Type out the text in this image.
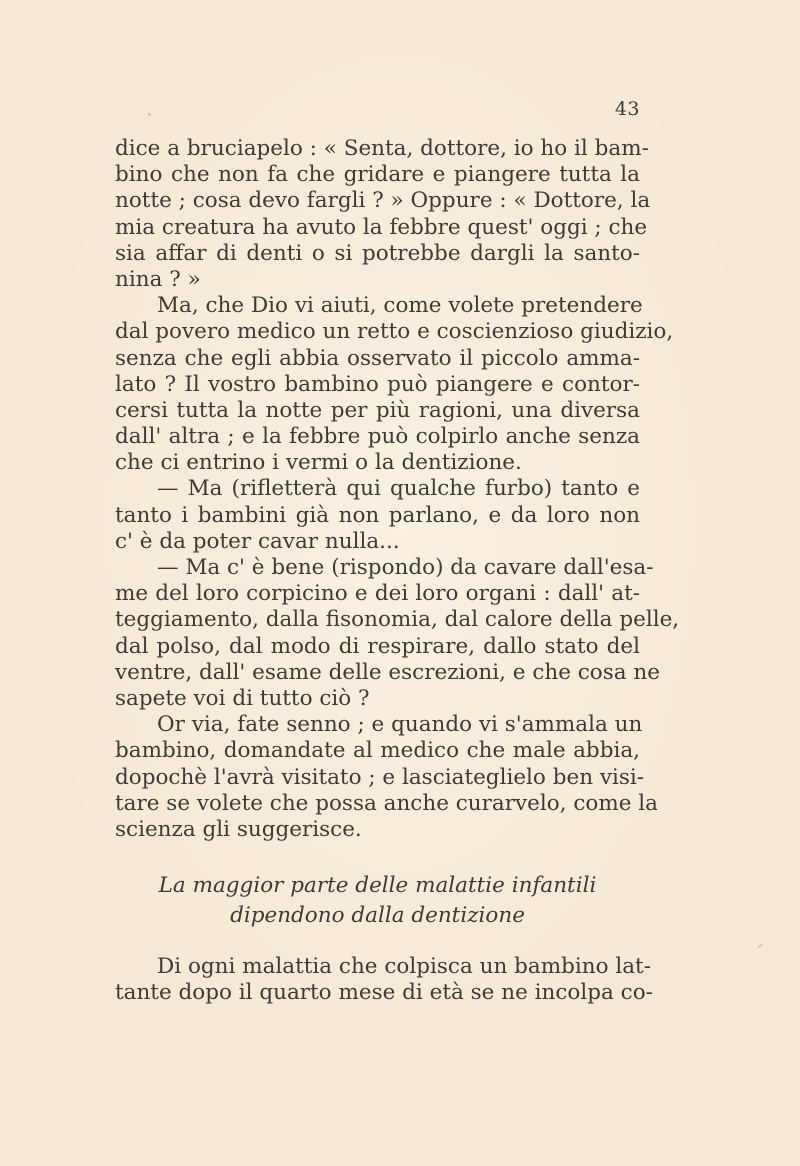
43
dice a bruciapelo : « Senta, dottore, io ho il bam-
bino che non fa che gridare e piangere tutta la
notte ; cosa devo fargli ? » Oppure : « Dottore, la
mia creatura ha avuto la febbre quest' oggi ; che
sia affar di denti o si potrebbe dargli la santo-
nina ? »
Ma, che Dio vi aiuti, come volete pretendere
dal povero medico un retto e coscienzioso giudizio,
senza che egli abbia osservato il piccolo amma-
lato ? Il vostro bambino può piangere e contor-
cersi tutta la notte per più ragioni, una diversa
dall' altra ; e la febbre può colpirlo anche senza
che ci entrino i vermi o la dentizione.
— Ma (rifletterà qui qualche furbo) tanto e
tanto i bambini già non parlano, e da loro non
c' è da poter cavar nulla...
— Ma c' è bene (rispondo) da cavare dall'esa-
me del loro corpicino e dei loro organi : dall' at-
teggiamento, dalla fisonomia, dal calore della pelle,
dal polso, dal modo di respirare, dallo stato del
ventre, dall' esame delle escrezioni, e che cosa ne
sapete voi di tutto ciò ?
Or via, fate senno ; e quando vi s'ammala un
bambino, domandate al medico che male abbia,
dopochè l'avrà visitato ; e lasciateglielo ben visi-
tare se volete che possa anche curarvelo, come la
scienza gli suggerisce.
La maggior parte delle malattie infantili
dipendono dalla dentizione
Di ogni malattia che colpisca un bambino lat-
tante dopo il quarto mese di età se ne incolpa co-
